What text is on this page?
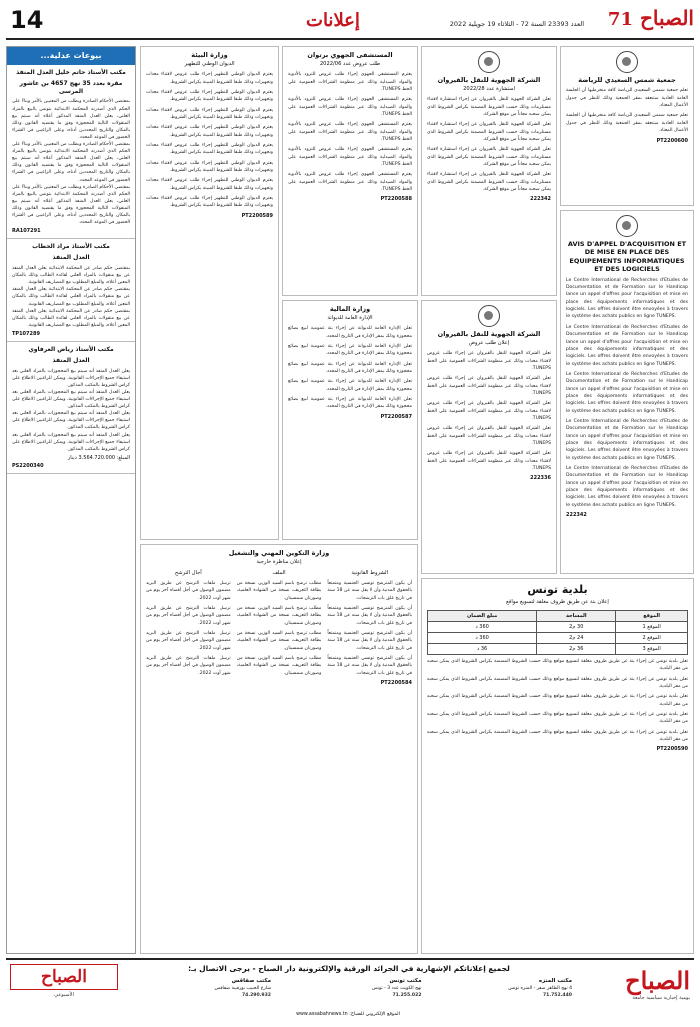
71 الصباح
العدد 23393 السنة 72 - الثلاثاء 19 جويلية 2022
إعلانات
14
بيوعات عدلية...
مكتب الأستاذ حاتم خليل العدل المنفذ
مقره بعدد 35 نهج 4657 بن عاشور المرسى

بمقتضى الأحكام الصادرة وبطلب من المعنيين بالأمر وبناءً على الحكم الذي أصدرته المحكمة الابتدائية بتونس بالبيع بالمزاد العلني، يعلن العدل المنفذ المذكور أعلاه أنه سيتم بيع المنقولات التالية المحجوزة وفق ما يقتضيه القانون وذلك بالمكان والتاريخ المحددين أدناه، وعلى الراغبين في الشراء الحضور في الموعد المحدد.

بمقتضى الأحكام الصادرة وبطلب من المعنيين بالأمر وبناءً على الحكم الذي أصدرته المحكمة الابتدائية بتونس بالبيع بالمزاد العلني، يعلن العدل المنفذ المذكور أعلاه أنه سيتم بيع المنقولات التالية المحجوزة وفق ما يقتضيه القانون وذلك بالمكان والتاريخ المحددين أدناه، وعلى الراغبين في الشراء الحضور في الموعد المحدد.

بمقتضى الأحكام الصادرة وبطلب من المعنيين بالأمر وبناءً على الحكم الذي أصدرته المحكمة الابتدائية بتونس بالبيع بالمزاد العلني، يعلن العدل المنفذ المذكور أعلاه أنه سيتم بيع المنقولات التالية المحجوزة وفق ما يقتضيه القانون وذلك بالمكان والتاريخ المحددين أدناه، وعلى الراغبين في الشراء الحضور في الموعد المحدد.

RA107291
مكتب الأستاذ مراد الحطاب
العدل المنفذ

بمقتضى حكم صادر عن المحكمة الابتدائية يعلن العدل المنفذ عن بيع منقولات بالمزاد العلني لفائدة الطالب وذلك بالمكان المعين أعلاه، والمبلغ المطلوب مع المصاريف القانونية.

بمقتضى حكم صادر عن المحكمة الابتدائية يعلن العدل المنفذ عن بيع منقولات بالمزاد العلني لفائدة الطالب وذلك بالمكان المعين أعلاه، والمبلغ المطلوب مع المصاريف القانونية.

بمقتضى حكم صادر عن المحكمة الابتدائية يعلن العدل المنفذ عن بيع منقولات بالمزاد العلني لفائدة الطالب وذلك بالمكان المعين أعلاه، والمبلغ المطلوب مع المصاريف القانونية.

TP107289
مكتب الأستاذ رياض العرفاوي
العدل المنفذ

يعلن العدل المنفذ أنه سيتم بيع المحجوزات بالمزاد العلني بعد استيفاء جميع الإجراءات القانونية، ويمكن للراغبين الاطلاع على كراس الشروط بالمكتب المذكور.

يعلن العدل المنفذ أنه سيتم بيع المحجوزات بالمزاد العلني بعد استيفاء جميع الإجراءات القانونية، ويمكن للراغبين الاطلاع على كراس الشروط بالمكتب المذكور.

يعلن العدل المنفذ أنه سيتم بيع المحجوزات بالمزاد العلني بعد استيفاء جميع الإجراءات القانونية، ويمكن للراغبين الاطلاع على كراس الشروط بالمكتب المذكور.

يعلن العدل المنفذ أنه سيتم بيع المحجوزات بالمزاد العلني بعد استيفاء جميع الإجراءات القانونية، ويمكن للراغبين الاطلاع على كراس الشروط بالمكتب المذكور.

المبلغ: 3.564.720.000 دينار
PS2200340
جمعية شمس السعيدي للرياضة

تعلم جمعية شمس السعيدي للرياضة كافة منخرطيها أن الجلسة العامة العادية ستنعقد بمقر الجمعية وذلك للنظر في جدول الأعمال المعتاد.

تعلم جمعية شمس السعيدي للرياضة كافة منخرطيها أن الجلسة العامة العادية ستنعقد بمقر الجمعية وذلك للنظر في جدول الأعمال المعتاد.

PT2200600
AVIS D'APPEL D'ACQUISITION ET DE MISE EN PLACE DES EQUIPEMENTS INFORMATIQUES ET DES LOGICIELS

Le Centre International de Recherches d'Etudes de Documentation et de Formation sur le Handicap lance un appel d'offres pour l'acquisition et mise en place des équipements informatiques et des logiciels. Les offres doivent être envoyées à travers le système des achats publics en ligne TUNEPS.

Le Centre International de Recherches d'Etudes de Documentation et de Formation sur le Handicap lance un appel d'offres pour l'acquisition et mise en place des équipements informatiques et des logiciels. Les offres doivent être envoyées à travers le système des achats publics en ligne TUNEPS.

Le Centre International de Recherches d'Etudes de Documentation et de Formation sur le Handicap lance un appel d'offres pour l'acquisition et mise en place des équipements informatiques et des logiciels. Les offres doivent être envoyées à travers le système des achats publics en ligne TUNEPS.

Le Centre International de Recherches d'Etudes de Documentation et de Formation sur le Handicap lance un appel d'offres pour l'acquisition et mise en place des équipements informatiques et des logiciels. Les offres doivent être envoyées à travers le système des achats publics en ligne TUNEPS.

Le Centre International de Recherches d'Etudes de Documentation et de Formation sur le Handicap lance un appel d'offres pour l'acquisition et mise en place des équipements informatiques et des logiciels. Les offres doivent être envoyées à travers le système des achats publics en ligne TUNEPS.

222342
الشركة الجهوية للنقل بالقيروان
استشارة عدد 2022/28

تعلن الشركة الجهوية للنقل بالقيروان عن إجراء استشارة لاقتناء مستلزمات وذلك حسب الشروط المضمنة بكراس الشروط الذي يمكن سحبه مجاناً من موقع الشركة.

تعلن الشركة الجهوية للنقل بالقيروان عن إجراء استشارة لاقتناء مستلزمات وذلك حسب الشروط المضمنة بكراس الشروط الذي يمكن سحبه مجاناً من موقع الشركة.

تعلن الشركة الجهوية للنقل بالقيروان عن إجراء استشارة لاقتناء مستلزمات وذلك حسب الشروط المضمنة بكراس الشروط الذي يمكن سحبه مجاناً من موقع الشركة.

تعلن الشركة الجهوية للنقل بالقيروان عن إجراء استشارة لاقتناء مستلزمات وذلك حسب الشروط المضمنة بكراس الشروط الذي يمكن سحبه مجاناً من موقع الشركة.

222342
الشركة الجهوية للنقل بالقيروان
إعلان طلب عروض

تعلن الشركة الجهوية للنقل بالقيروان عن إجراء طلب عروض لاقتناء معدات وذلك عبر منظومة الشراءات العمومية على الخط TUNEPS.

تعلن الشركة الجهوية للنقل بالقيروان عن إجراء طلب عروض لاقتناء معدات وذلك عبر منظومة الشراءات العمومية على الخط TUNEPS.

تعلن الشركة الجهوية للنقل بالقيروان عن إجراء طلب عروض لاقتناء معدات وذلك عبر منظومة الشراءات العمومية على الخط TUNEPS.

تعلن الشركة الجهوية للنقل بالقيروان عن إجراء طلب عروض لاقتناء معدات وذلك عبر منظومة الشراءات العمومية على الخط TUNEPS.

تعلن الشركة الجهوية للنقل بالقيروان عن إجراء طلب عروض لاقتناء معدات وذلك عبر منظومة الشراءات العمومية على الخط TUNEPS.

222336
المستشفى الجهوي برتوان
طلب عروض عدد 2022/06

يعتزم المستشفى الجهوي إجراء طلب عروض للتزود بالأدوية والمواد الصيدلية وذلك عبر منظومة الشراءات العمومية على الخط TUNEPS.

يعتزم المستشفى الجهوي إجراء طلب عروض للتزود بالأدوية والمواد الصيدلية وذلك عبر منظومة الشراءات العمومية على الخط TUNEPS.

يعتزم المستشفى الجهوي إجراء طلب عروض للتزود بالأدوية والمواد الصيدلية وذلك عبر منظومة الشراءات العمومية على الخط TUNEPS.

يعتزم المستشفى الجهوي إجراء طلب عروض للتزود بالأدوية والمواد الصيدلية وذلك عبر منظومة الشراءات العمومية على الخط TUNEPS.

يعتزم المستشفى الجهوي إجراء طلب عروض للتزود بالأدوية والمواد الصيدلية وذلك عبر منظومة الشراءات العمومية على الخط TUNEPS.

PT2200588
وزارة المالية
الإدارة العامة للديوانة

تعلن الإدارة العامة للديوانة عن إجراء بتة عمومية لبيع بضائع محجوزة وذلك بمقر الإدارة في التاريخ المحدد.

تعلن الإدارة العامة للديوانة عن إجراء بتة عمومية لبيع بضائع محجوزة وذلك بمقر الإدارة في التاريخ المحدد.

تعلن الإدارة العامة للديوانة عن إجراء بتة عمومية لبيع بضائع محجوزة وذلك بمقر الإدارة في التاريخ المحدد.

تعلن الإدارة العامة للديوانة عن إجراء بتة عمومية لبيع بضائع محجوزة وذلك بمقر الإدارة في التاريخ المحدد.

تعلن الإدارة العامة للديوانة عن إجراء بتة عمومية لبيع بضائع محجوزة وذلك بمقر الإدارة في التاريخ المحدد.

PT2200587
وزارة البيئة
الديوان الوطني للتطهير

يعتزم الديوان الوطني للتطهير إجراء طلب عروض لاقتناء معدات وتجهيزات وذلك طبقا للشروط المبينة بكراس الشروط.

يعتزم الديوان الوطني للتطهير إجراء طلب عروض لاقتناء معدات وتجهيزات وذلك طبقا للشروط المبينة بكراس الشروط.

يعتزم الديوان الوطني للتطهير إجراء طلب عروض لاقتناء معدات وتجهيزات وذلك طبقا للشروط المبينة بكراس الشروط.

يعتزم الديوان الوطني للتطهير إجراء طلب عروض لاقتناء معدات وتجهيزات وذلك طبقا للشروط المبينة بكراس الشروط.

يعتزم الديوان الوطني للتطهير إجراء طلب عروض لاقتناء معدات وتجهيزات وذلك طبقا للشروط المبينة بكراس الشروط.

يعتزم الديوان الوطني للتطهير إجراء طلب عروض لاقتناء معدات وتجهيزات وذلك طبقا للشروط المبينة بكراس الشروط.

يعتزم الديوان الوطني للتطهير إجراء طلب عروض لاقتناء معدات وتجهيزات وذلك طبقا للشروط المبينة بكراس الشروط.

يعتزم الديوان الوطني للتطهير إجراء طلب عروض لاقتناء معدات وتجهيزات وذلك طبقا للشروط المبينة بكراس الشروط.

PT2200589
وزارة التكوين المهني والتشغيل
إعلان مناظرة خارجية
الشروط القانونية

أن يكون المترشح تونسي الجنسية ومتمتعاً بالحقوق المدنية وأن لا يقل سنه عن 18 سنة في تاريخ غلق باب الترشحات.

أن يكون المترشح تونسي الجنسية ومتمتعاً بالحقوق المدنية وأن لا يقل سنه عن 18 سنة في تاريخ غلق باب الترشحات.

أن يكون المترشح تونسي الجنسية ومتمتعاً بالحقوق المدنية وأن لا يقل سنه عن 18 سنة في تاريخ غلق باب الترشحات.

أن يكون المترشح تونسي الجنسية ومتمتعاً بالحقوق المدنية وأن لا يقل سنه عن 18 سنة في تاريخ غلق باب الترشحات.

الملف

مطلب ترشح باسم السيد الوزير، نسخة من بطاقة التعريف، نسخة من الشهادة العلمية، وصورتان شمسيتان.

مطلب ترشح باسم السيد الوزير، نسخة من بطاقة التعريف، نسخة من الشهادة العلمية، وصورتان شمسيتان.

مطلب ترشح باسم السيد الوزير، نسخة من بطاقة التعريف، نسخة من الشهادة العلمية، وصورتان شمسيتان.

مطلب ترشح باسم السيد الوزير، نسخة من بطاقة التعريف، نسخة من الشهادة العلمية، وصورتان شمسيتان.

آجال الترشح

ترسل ملفات الترشح عن طريق البريد مضمون الوصول في أجل أقصاه آخر يوم من شهر أوت 2022.

ترسل ملفات الترشح عن طريق البريد مضمون الوصول في أجل أقصاه آخر يوم من شهر أوت 2022.

ترسل ملفات الترشح عن طريق البريد مضمون الوصول في أجل أقصاه آخر يوم من شهر أوت 2022.

ترسل ملفات الترشح عن طريق البريد مضمون الوصول في أجل أقصاه آخر يوم من شهر أوت 2022.

PT2200584
بلدية تونس
إعلان بتة عن طريق ظروف مغلقة لتسويغ مواقع
الموقع	المساحة	مبلغ الضمان
الموقع 1	30 م2	360 د
الموقع 2	24 م2	360 د
الموقع 3	36 م2	36 د

تعلن بلدية تونس عن إجراء بتة عن طريق ظروف مغلقة لتسويغ مواقع وذلك حسب الشروط المضمنة بكراس الشروط الذي يمكن سحبه من مقر البلدية.

تعلن بلدية تونس عن إجراء بتة عن طريق ظروف مغلقة لتسويغ مواقع وذلك حسب الشروط المضمنة بكراس الشروط الذي يمكن سحبه من مقر البلدية.

تعلن بلدية تونس عن إجراء بتة عن طريق ظروف مغلقة لتسويغ مواقع وذلك حسب الشروط المضمنة بكراس الشروط الذي يمكن سحبه من مقر البلدية.

تعلن بلدية تونس عن إجراء بتة عن طريق ظروف مغلقة لتسويغ مواقع وذلك حسب الشروط المضمنة بكراس الشروط الذي يمكن سحبه من مقر البلدية.

تعلن بلدية تونس عن إجراء بتة عن طريق ظروف مغلقة لتسويغ مواقع وذلك حسب الشروط المضمنة بكراس الشروط الذي يمكن سحبه من مقر البلدية.

PT2200590
الصباح
يومية إخبارية سياسية جامعة
لجميع إعلاناتكم الإشهارية في الجرائد الورقية والإلكترونية دار الصباح - يرجى الاتصال بـ:
مكتب المنزه
4 نهج الطاهر صفر - المنزه تونس
71.752.440
مكتب تونس
نهج الكويت عدد 3 - تونس
71.255.022
مكتب صفاقس
شارع الحبيب بورقيبة صفاقس
74.290.932
الصباح
الأسبوعي
الموقع الإلكتروني للصباح: www.assabahnews.tn
